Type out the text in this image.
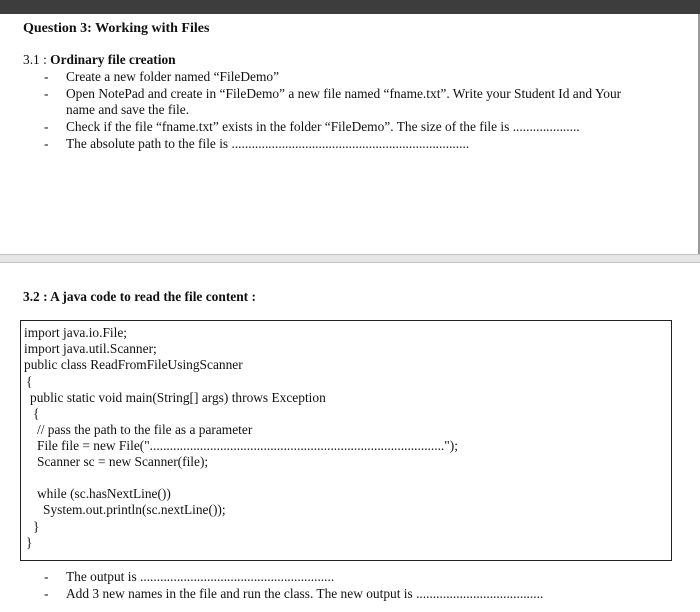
Question 3: Working with Files
3.1 : Ordinary file creation
- Create a new folder named “FileDemo”
- Open NotePad and create in “FileDemo” a new file named “fname.txt”. Write your Student Id and Your
name and save the file.
- Check if the file “fname.txt” exists in the folder “FileDemo”. The size of the file is ....................
- The absolute path to the file is .......................................................................
3.2 : A java code to read the file content :
import java.io.File;
import java.util.Scanner;
public class ReadFromFileUsingScanner
{
public static void main(String[] args) throws Exception
{
// pass the path to the file as a parameter
File file = new File("........................................................................................");
Scanner sc = new Scanner(file);
while (sc.hasNextLine())
System.out.println(sc.nextLine());
}
}
- The output is ..........................................................
- Add 3 new names in the file and run the class. The new output is ......................................
